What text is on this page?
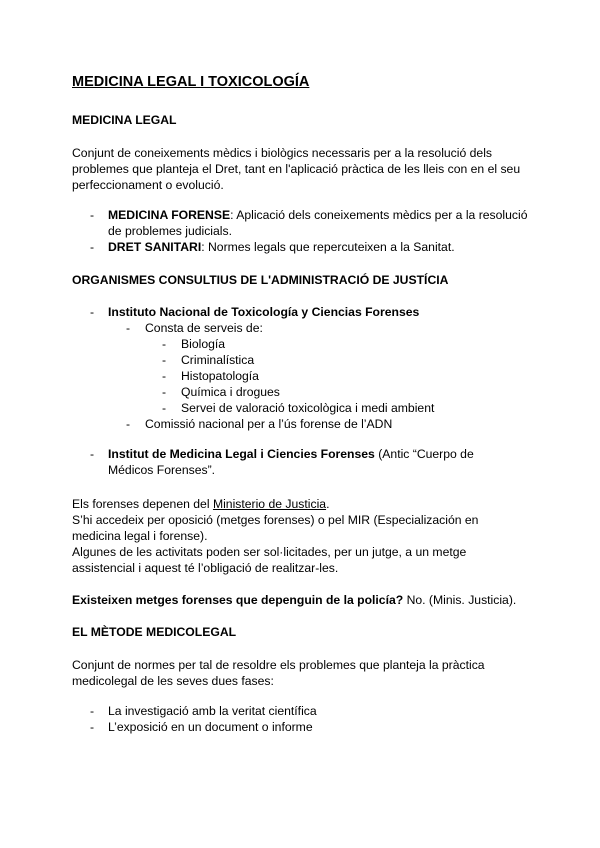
MEDICINA LEGAL I TOXICOLOGÍA

MEDICINA LEGAL

Conjunt de coneixements mèdics i biològics necessaris per a la resolució dels problemes que planteja el Dret, tant en l'aplicació pràctica de les lleis con en el seu perfeccionament o evolució.

- MEDICINA FORENSE: Aplicació dels coneixements mèdics per a la resolució de problemes judicials.
- DRET SANITARI: Normes legals que repercuteixen a la Sanitat.

ORGANISMES CONSULTIUS DE L'ADMINISTRACIÓ DE JUSTÍCIA

- Instituto Nacional de Toxicología y Ciencias Forenses
- Consta de serveis de:
- Biología
- Criminalística
- Histopatología
- Química i drogues
- Servei de valoració toxicològica i medi ambient
- Comissió nacional per a l’ús forense de l’ADN
- Institut de Medicina Legal i Ciencies Forenses (Antic “Cuerpo de Médicos Forenses”.

Els forenses depenen del Ministerio de Justicia.

S’hi accedeix per oposició (metges forenses) o pel MIR (Especialización en medicina legal i forense).

Algunes de les activitats poden ser sol·licitades, per un jutge, a un metge assistencial i aquest té l’obligació de realitzar-les.

Existeixen metges forenses que depenguin de la policía? No. (Minis. Justicia).

EL MÈTODE MEDICOLEGAL

Conjunt de normes per tal de resoldre els problemes que planteja la pràctica medicolegal de les seves dues fases:

- La investigació amb la veritat científica
- L’exposició en un document o informe
